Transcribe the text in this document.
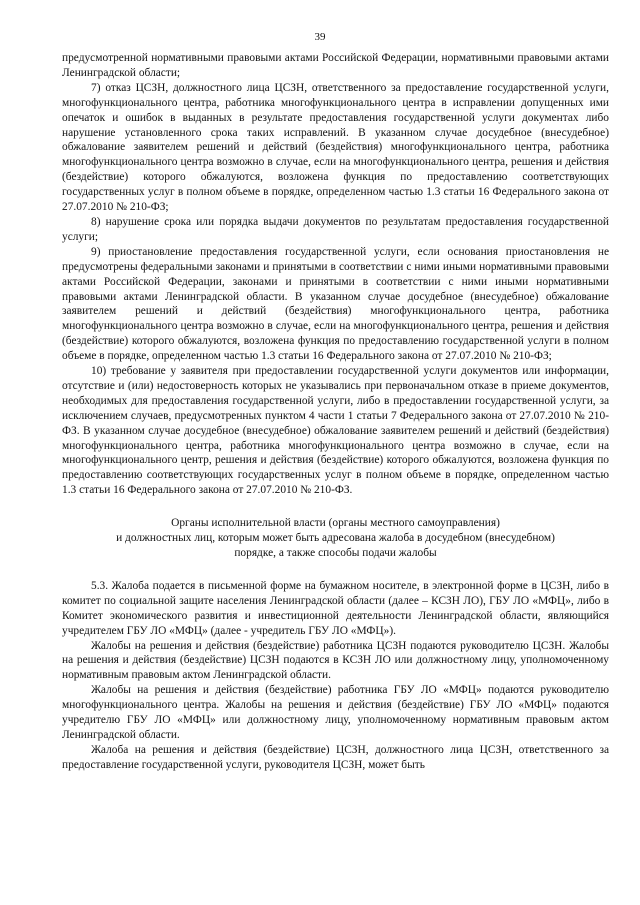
39

предусмотренной нормативными правовыми актами Российской Федерации, нормативными правовыми актами Ленинградской области;

7) отказ ЦСЗН, должностного лица ЦСЗН, ответственного за предоставление государственной услуги, многофункционального центра, работника многофункционального центра в исправлении допущенных ими опечаток и ошибок в выданных в результате предоставления государственной услуги документах либо нарушение установленного срока таких исправлений. В указанном случае досудебное (внесудебное) обжалование заявителем решений и действий (бездействия) многофункционального центра, работника многофункционального центра возможно в случае, если на многофункционального центра, решения и действия (бездействие) которого обжалуются, возложена функция по предоставлению соответствующих государственных услуг в полном объеме в порядке, определенном частью 1.3 статьи 16 Федерального закона от 27.07.2010 № 210-ФЗ;

8) нарушение срока или порядка выдачи документов по результатам предоставления государственной услуги;

9) приостановление предоставления государственной услуги, если основания приостановления не предусмотрены федеральными законами и принятыми в соответствии с ними иными нормативными правовыми актами Российской Федерации, законами и принятыми в соответствии с ними иными нормативными правовыми актами Ленинградской области. В указанном случае досудебное (внесудебное) обжалование заявителем решений и действий (бездействия) многофункционального центра, работника многофункционального центра возможно в случае, если на многофункционального центра, решения и действия (бездействие) которого обжалуются, возложена функция по предоставлению государственной услуги в полном объеме в порядке, определенном частью 1.3 статьи 16 Федерального закона от 27.07.2010 № 210-ФЗ;

10) требование у заявителя при предоставлении государственной услуги документов или информации, отсутствие и (или) недостоверность которых не указывались при первоначальном отказе в приеме документов, необходимых для предоставления государственной услуги, либо в предоставлении государственной услуги, за исключением случаев, предусмотренных пунктом 4 части 1 статьи 7 Федерального закона от 27.07.2010 № 210-ФЗ. В указанном случае досудебное (внесудебное) обжалование заявителем решений и действий (бездействия) многофункционального центра, работника многофункционального центра возможно в случае, если на многофункционального центр, решения и действия (бездействие) которого обжалуются, возложена функция по предоставлению соответствующих государственных услуг в полном объеме в порядке, определенном частью 1.3 статьи 16 Федерального закона от 27.07.2010 № 210-ФЗ.

Органы исполнительной власти (органы местного самоуправления)
и должностных лиц, которым может быть адресована жалоба в досудебном (внесудебном)
порядке, а также способы подачи жалобы

5.3. Жалоба подается в письменной форме на бумажном носителе, в электронной форме в ЦСЗН, либо в комитет по социальной защите населения Ленинградской области (далее – КСЗН ЛО), ГБУ ЛО «МФЦ», либо в Комитет экономического развития и инвестиционной деятельности Ленинградской области, являющийся учредителем ГБУ ЛО «МФЦ» (далее - учредитель ГБУ ЛО «МФЦ»).

Жалобы на решения и действия (бездействие) работника ЦСЗН подаются руководителю ЦСЗН. Жалобы на решения и действия (бездействие) ЦСЗН подаются в КСЗН ЛО или должностному лицу, уполномоченному нормативным правовым актом Ленинградской области.

Жалобы на решения и действия (бездействие) работника ГБУ ЛО «МФЦ» подаются руководителю многофункционального центра. Жалобы на решения и действия (бездействие) ГБУ ЛО «МФЦ» подаются учредителю ГБУ ЛО «МФЦ» или должностному лицу, уполномоченному нормативным правовым актом Ленинградской области.

Жалоба на решения и действия (бездействие) ЦСЗН, должностного лица ЦСЗН, ответственного за предоставление государственной услуги, руководителя ЦСЗН, может быть
